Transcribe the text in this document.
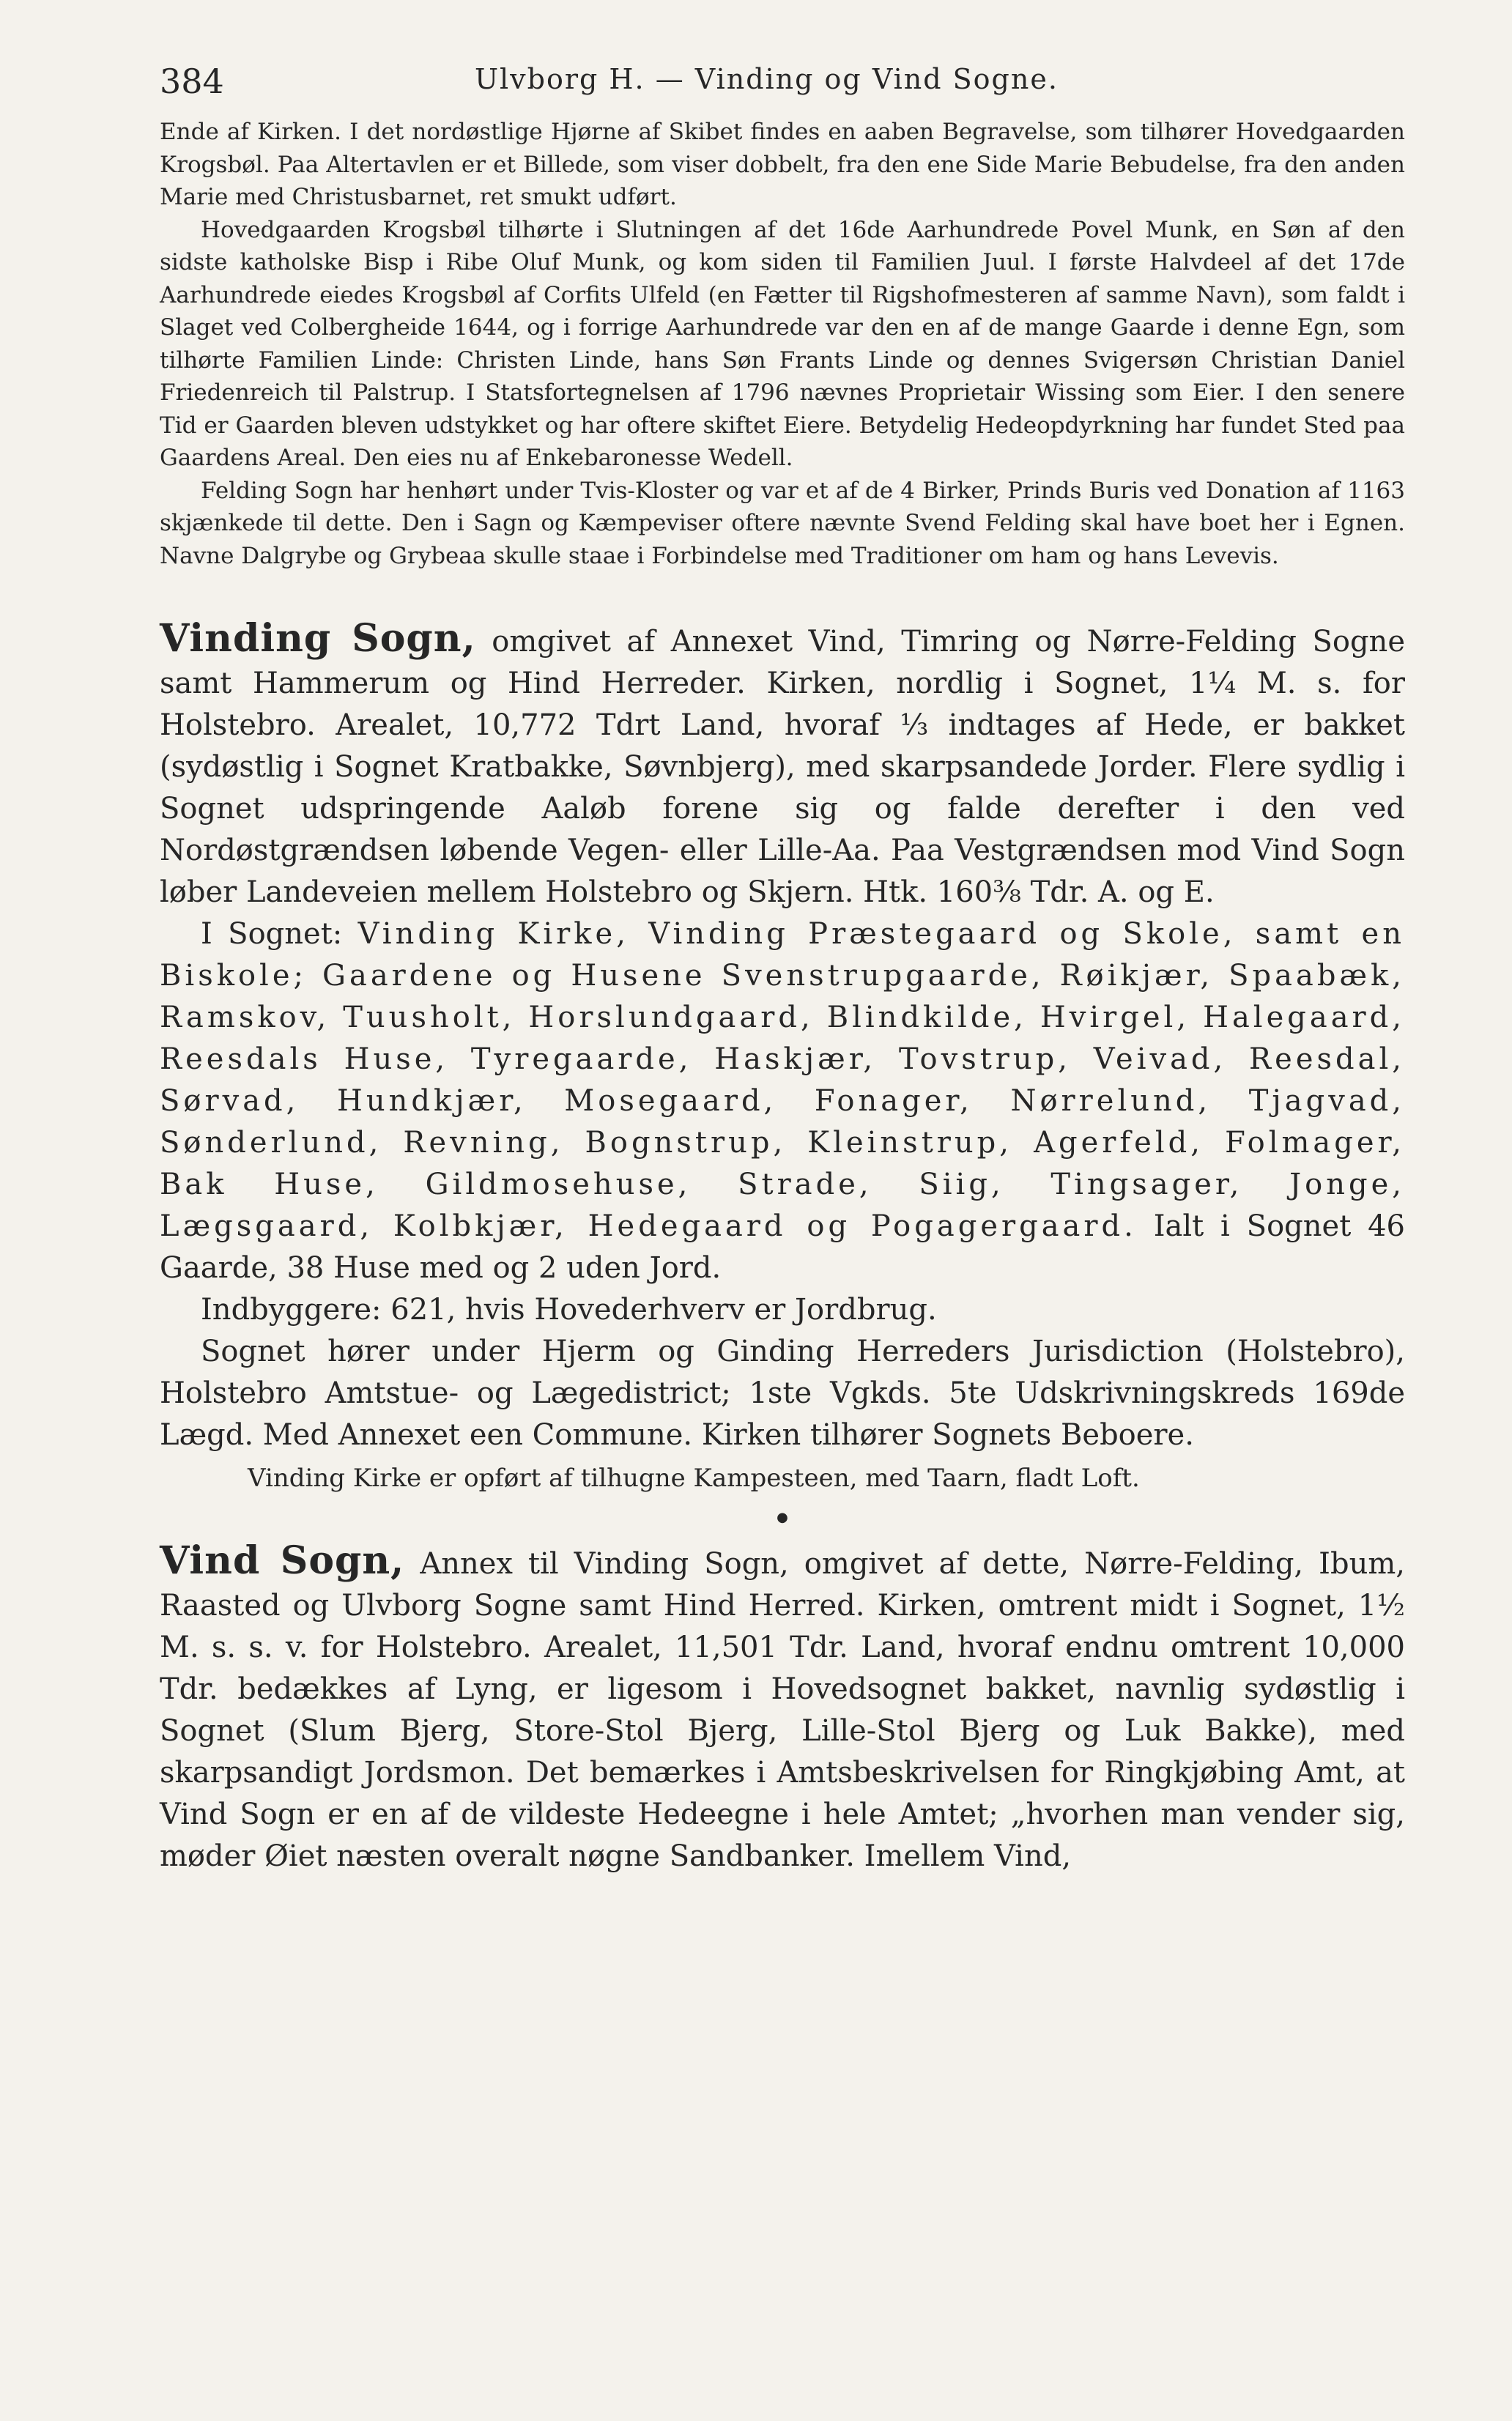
384	Ulvborg H. — Vinding og Vind Sogne.

Ende af Kirken. I det nordøstlige Hjørne af Skibet findes en aaben Begravelse, som tilhører Hovedgaarden Krogsbøl. Paa Altertavlen er et Billede, som viser dobbelt, fra den ene Side Marie Bebudelse, fra den anden Marie med Christusbarnet, ret smukt udført.

Hovedgaarden Krogsbøl tilhørte i Slutningen af det 16de Aarhundrede Povel Munk, en Søn af den sidste katholske Bisp i Ribe Oluf Munk, og kom siden til Familien Juul. I første Halvdeel af det 17de Aarhundrede eiedes Krogsbøl af Corfits Ulfeld (en Fætter til Rigshofmesteren af samme Navn), som faldt i Slaget ved Colbergheide 1644, og i forrige Aarhundrede var den en af de mange Gaarde i denne Egn, som tilhørte Familien Linde: Christen Linde, hans Søn Frants Linde og dennes Svigersøn Christian Daniel Friedenreich til Palstrup. I Statsfortegnelsen af 1796 nævnes Proprietair Wissing som Eier. I den senere Tid er Gaarden bleven udstykket og har oftere skiftet Eiere. Betydelig Hedeopdyrkning har fundet Sted paa Gaardens Areal. Den eies nu af Enkebaronesse Wedell.

Felding Sogn har henhørt under Tvis-Kloster og var et af de 4 Birker, Prinds Buris ved Donation af 1163 skjænkede til dette. Den i Sagn og Kæmpeviser oftere nævnte Svend Felding skal have boet her i Egnen. Navne Dalgrybe og Grybeaa skulle staae i Forbindelse med Traditioner om ham og hans Levevis.

Vinding Sogn, omgivet af Annexet Vind, Timring og Nørre-Felding Sogne samt Hammerum og Hind Herreder. Kirken, nordlig i Sognet, 1¼ M. s. for Holstebro. Arealet, 10,772 Tdrt Land, hvoraf ⅓ indtages af Hede, er bakket (sydøstlig i Sognet Kratbakke, Søvnbjerg), med skarpsandede Jorder. Flere sydlig i Sognet udspringende Aaløb forene sig og falde derefter i den ved Nordøstgrændsen løbende Vegen- eller Lille-Aa. Paa Vestgrændsen mod Vind Sogn løber Landeveien mellem Holstebro og Skjern. Htk. 160⅜ Tdr. A. og E.

I Sognet: Vinding Kirke, Vinding Præstegaard og Skole, samt en Biskole; Gaardene og Husene Svenstrupgaarde, Røikjær, Spaabæk, Ramskov, Tuusholt, Horslundgaard, Blindkilde, Hvirgel, Halegaard, Reesdals Huse, Tyregaarde, Haskjær, Tovstrup, Veivad, Reesdal, Sørvad, Hundkjær, Mosegaard, Fonager, Nørrelund, Tjagvad, Sønderlund, Revning, Bognstrup, Kleinstrup, Agerfeld, Folmager, Bak Huse, Gildmosehuse, Strade, Siig, Tingsager, Jonge, Lægsgaard, Kolbkjær, Hedegaard og Pogagergaard. Ialt i Sognet 46 Gaarde, 38 Huse med og 2 uden Jord.

Indbyggere: 621, hvis Hovederhverv er Jordbrug.

Sognet hører under Hjerm og Ginding Herreders Jurisdiction (Holstebro), Holstebro Amtstue- og Lægedistrict; 1ste Vgkds. 5te Udskrivningskreds 169de Lægd. Med Annexet een Commune. Kirken tilhører Sognets Beboere.

Vinding Kirke er opført af tilhugne Kampesteen, med Taarn, fladt Loft.

●

Vind Sogn, Annex til Vinding Sogn, omgivet af dette, Nørre-Felding, Ibum, Raasted og Ulvborg Sogne samt Hind Herred. Kirken, omtrent midt i Sognet, 1½ M. s. s. v. for Holstebro. Arealet, 11,501 Tdr. Land, hvoraf endnu omtrent 10,000 Tdr. bedækkes af Lyng, er ligesom i Hovedsognet bakket, navnlig sydøstlig i Sognet (Slum Bjerg, Store-Stol Bjerg, Lille-Stol Bjerg og Luk Bakke), med skarpsandigt Jordsmon. Det bemærkes i Amtsbeskrivelsen for Ringkjøbing Amt, at Vind Sogn er en af de vildeste Hedeegne i hele Amtet; „hvorhen man vender sig, møder Øiet næsten overalt nøgne Sandbanker. Imellem Vind,
